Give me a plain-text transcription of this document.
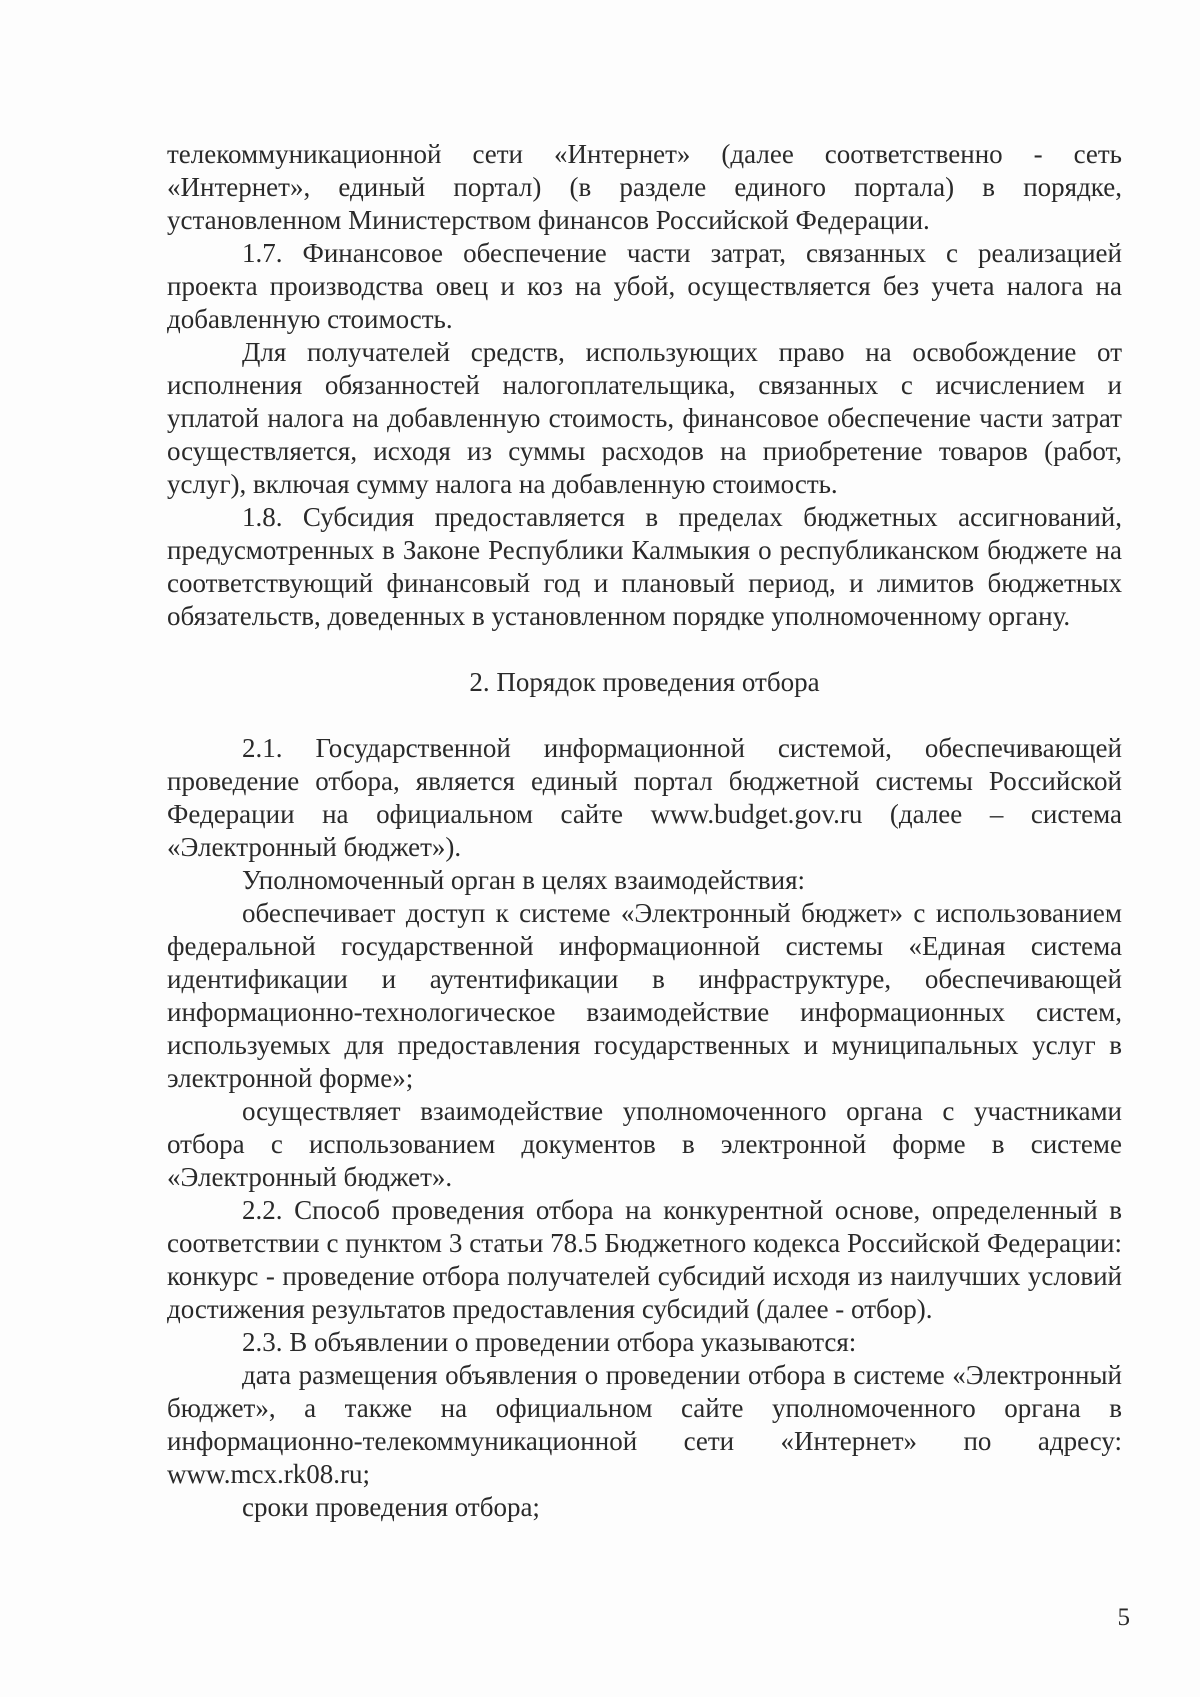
телекоммуникационной сети «Интернет» (далее соответственно - сеть «Интернет», единый портал) (в разделе единого портала) в порядке, установленном Министерством финансов Российской Федерации.

1.7. Финансовое обеспечение части затрат, связанных с реализацией проекта производства овец и коз на убой, осуществляется без учета налога на добавленную стоимость.

Для получателей средств, использующих право на освобождение от исполнения обязанностей налогоплательщика, связанных с исчислением и уплатой налога на добавленную стоимость, финансовое обеспечение части затрат осуществляется, исходя из суммы расходов на приобретение товаров (работ, услуг), включая сумму налога на добавленную стоимость.

1.8. Субсидия предоставляется в пределах бюджетных ассигнований, предусмотренных в Законе Республики Калмыкия о республиканском бюджете на соответствующий финансовый год и плановый период, и лимитов бюджетных обязательств, доведенных в установленном порядке уполномоченному органу.

2. Порядок проведения отбора

2.1. Государственной информационной системой, обеспечивающей проведение отбора, является единый портал бюджетной системы Российской Федерации на официальном сайте www.budget.gov.ru (далее – система «Электронный бюджет»).

Уполномоченный орган в целях взаимодействия:

обеспечивает доступ к системе «Электронный бюджет» с использованием федеральной государственной информационной системы «Единая система идентификации и аутентификации в инфраструктуре, обеспечивающей информационно-технологическое взаимодействие информационных систем, используемых для предоставления государственных и муниципальных услуг в электронной форме»;

осуществляет взаимодействие уполномоченного органа с участниками отбора с использованием документов в электронной форме в системе «Электронный бюджет».

2.2. Способ проведения отбора на конкурентной основе, определенный в соответствии с пунктом 3 статьи 78.5 Бюджетного кодекса Российской Федерации: конкурс - проведение отбора получателей субсидий исходя из наилучших условий достижения результатов предоставления субсидий (далее - отбор).

2.3. В объявлении о проведении отбора указываются:

дата размещения объявления о проведении отбора в системе «Электронный бюджет», а также на официальном сайте уполномоченного органа в информационно-телекоммуникационной сети «Интернет» по адресу: www.mcx.rk08.ru;

сроки проведения отбора;

5
